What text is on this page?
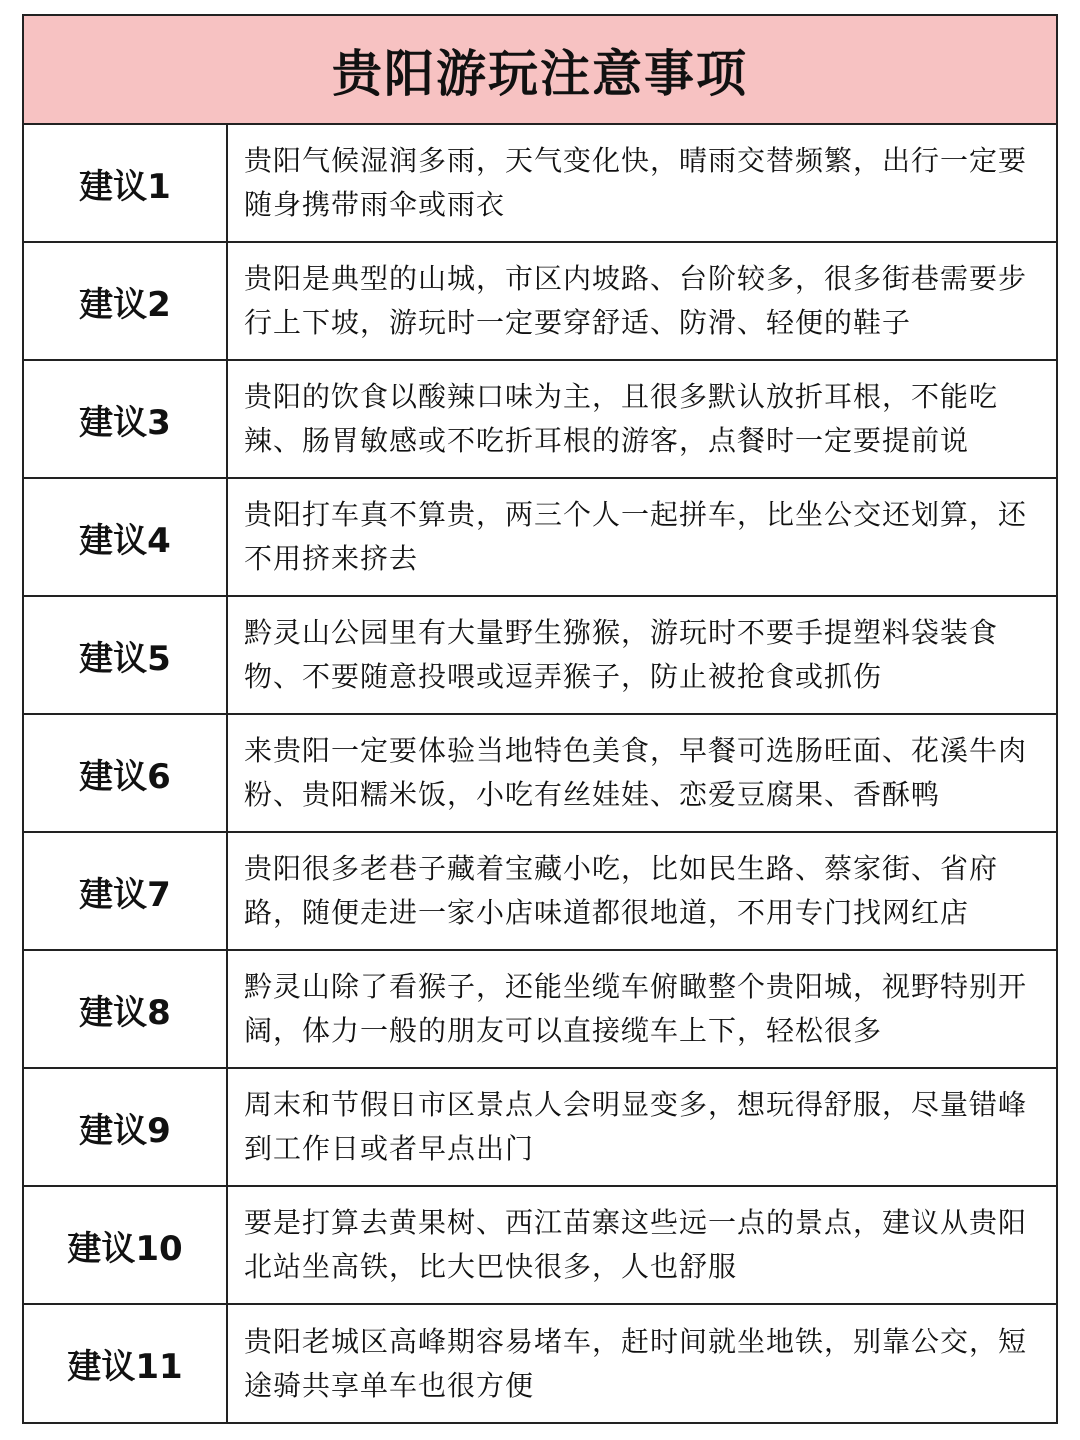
贵阳游玩注意事项
建议1
贵阳气候湿润多雨，天气变化快，晴雨交替频繁，出行一定要随身携带雨伞或雨衣
建议2
贵阳是典型的山城，市区内坡路、台阶较多，很多街巷需要步行上下坡，游玩时一定要穿舒适、防滑、轻便的鞋子
建议3
贵阳的饮食以酸辣口味为主，且很多默认放折耳根，不能吃辣、肠胃敏感或不吃折耳根的游客，点餐时一定要提前说
建议4
贵阳打车真不算贵，两三个人一起拼车，比坐公交还划算，还不用挤来挤去
建议5
黔灵山公园里有大量野生猕猴，游玩时不要手提塑料袋装食物、不要随意投喂或逗弄猴子，防止被抢食或抓伤
建议6
来贵阳一定要体验当地特色美食，早餐可选肠旺面、花溪牛肉粉、贵阳糯米饭，小吃有丝娃娃、恋爱豆腐果、香酥鸭
建议7
贵阳很多老巷子藏着宝藏小吃，比如民生路、蔡家街、省府路，随便走进一家小店味道都很地道，不用专门找网红店
建议8
黔灵山除了看猴子，还能坐缆车俯瞰整个贵阳城，视野特别开阔，体力一般的朋友可以直接缆车上下，轻松很多
建议9
周末和节假日市区景点人会明显变多，想玩得舒服，尽量错峰到工作日或者早点出门
建议10
要是打算去黄果树、西江苗寨这些远一点的景点，建议从贵阳北站坐高铁，比大巴快很多，人也舒服
建议11
贵阳老城区高峰期容易堵车，赶时间就坐地铁，别靠公交，短途骑共享单车也很方便
